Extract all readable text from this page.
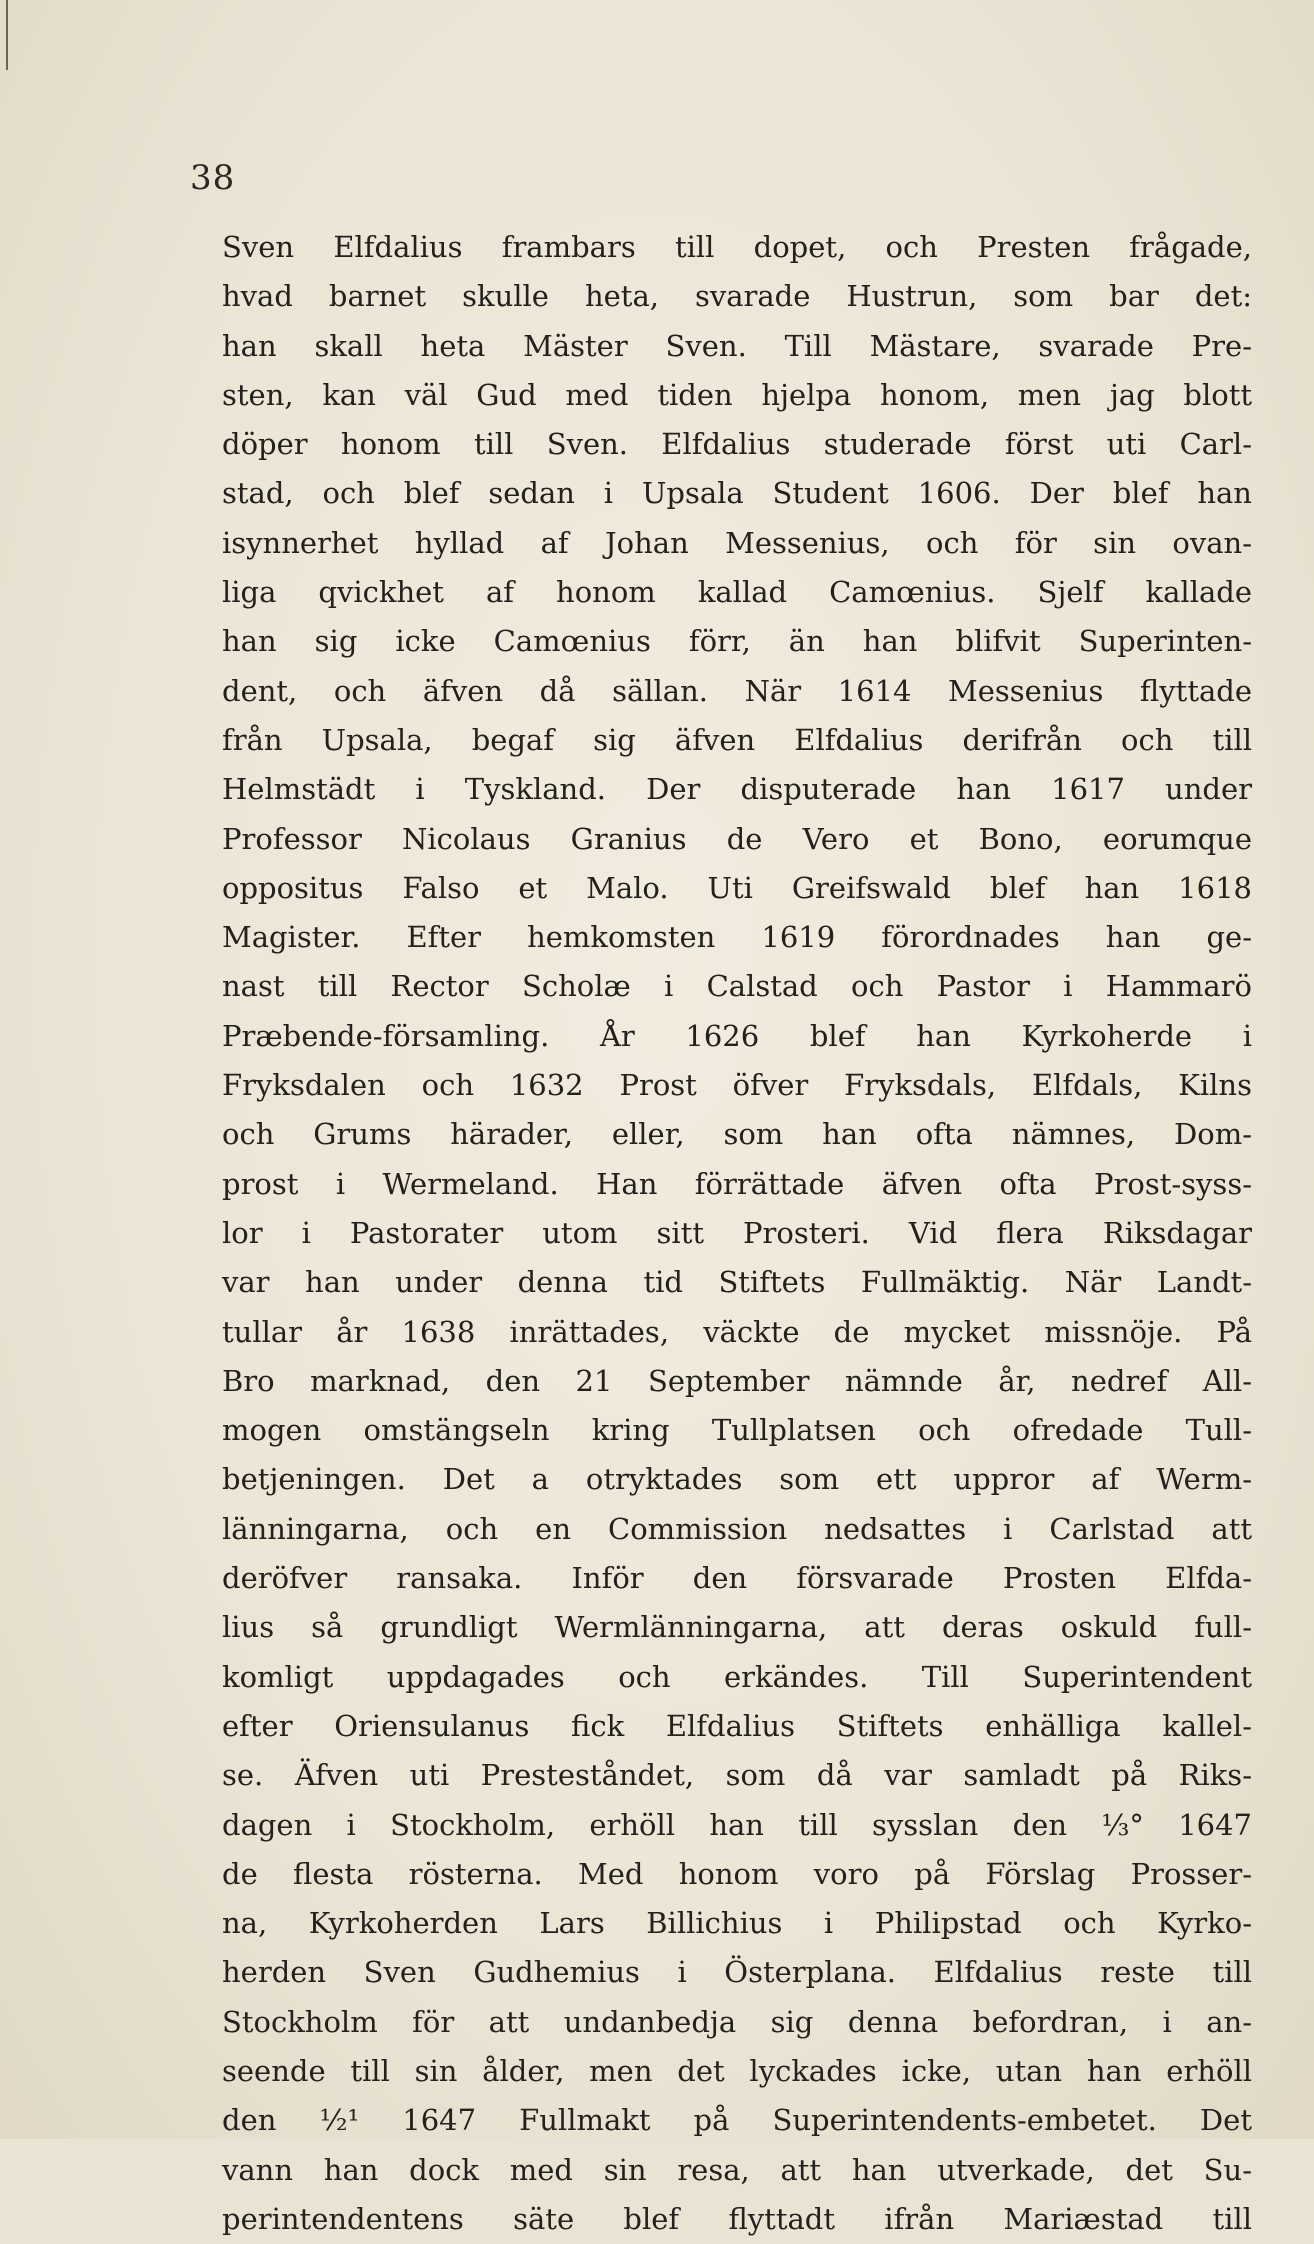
38
Sven Elfdalius frambars till dopet, och Presten frågade,
hvad barnet skulle heta, svarade Hustrun, som bar det:
han skall heta Mäster Sven. Till Mästare, svarade Pre-
sten, kan väl Gud med tiden hjelpa honom, men jag blott
döper honom till Sven. Elfdalius studerade först uti Carl-
stad, och blef sedan i Upsala Student 1606. Der blef han
isynnerhet hyllad af Johan Messenius, och för sin ovan-
liga qvickhet af honom kallad Camœnius. Sjelf kallade
han sig icke Camœnius förr, än han blifvit Superinten-
dent, och äfven då sällan. När 1614 Messenius flyttade
från Upsala, begaf sig äfven Elfdalius derifrån och till
Helmstädt i Tyskland. Der disputerade han 1617 under
Professor Nicolaus Granius de Vero et Bono, eorumque
oppositus Falso et Malo. Uti Greifswald blef han 1618
Magister. Efter hemkomsten 1619 förordnades han ge-
nast till Rector Scholæ i Calstad och Pastor i Hammarö
Præbende-församling. År 1626 blef han Kyrkoherde i
Fryksdalen och 1632 Prost öfver Fryksdals, Elfdals, Kilns
och Grums härader, eller, som han ofta nämnes, Dom-
prost i Wermeland. Han förrättade äfven ofta Prost-syss-
lor i Pastorater utom sitt Prosteri. Vid flera Riksdagar
var han under denna tid Stiftets Fullmäktig. När Landt-
tullar år 1638 inrättades, väckte de mycket missnöje. På
Bro marknad, den 21 September nämnde år, nedref All-
mogen omstängseln kring Tullplatsen och ofredade Tull-
betjeningen. Det a otryktades som ett uppror af Werm-
länningarna, och en Commission nedsattes i Carlstad att
deröfver ransaka. Inför den försvarade Prosten Elfda-
lius så grundligt Wermlänningarna, att deras oskuld full-
komligt uppdagades och erkändes. Till Superintendent
efter Oriensulanus fick Elfdalius Stiftets enhälliga kallel-
se. Äfven uti Presteståndet, som då var samladt på Riks-
dagen i Stockholm, erhöll han till sysslan den ⅓° 1647
de flesta rösterna. Med honom voro på Förslag Prosser-
na, Kyrkoherden Lars Billichius i Philipstad och Kyrko-
herden Sven Gudhemius i Österplana. Elfdalius reste till
Stockholm för att undanbedja sig denna befordran, i an-
seende till sin ålder, men det lyckades icke, utan han erhöll
den ½¹ 1647 Fullmakt på Superintendents-embetet. Det
vann han dock med sin resa, att han utverkade, det Su-
perintendentens säte blef flyttadt ifrån Mariæstad till
